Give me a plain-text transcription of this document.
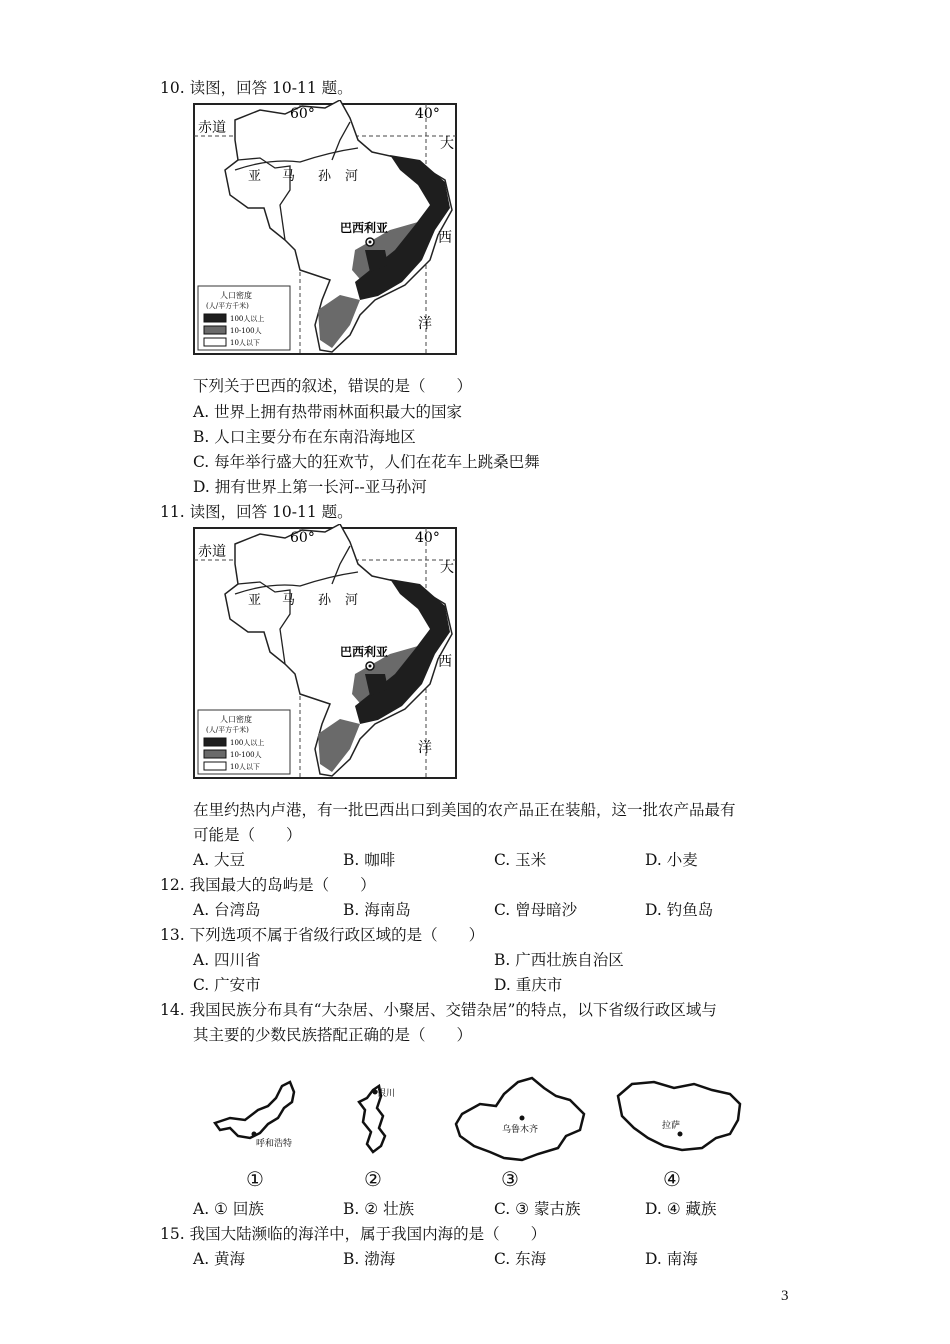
10. 读图，回答 10-11 题。
赤道
60°	40°
大
西
洋
亚 马 孙 河
巴西利亚
人口密度
(人/平方千米)
100人以上
10-100人
10人以下
下列关于巴西的叙述，错误的是（　　）
A. 世界上拥有热带雨林面积最大的国家
B. 人口主要分布在东南沿海地区
C. 每年举行盛大的狂欢节，人们在花车上跳桑巴舞
D. 拥有世界上第一长河--亚马孙河
11. 读图，回答 10-11 题。
赤道
60°	40°
大
西
洋
亚 马 孙 河
巴西利亚
人口密度
(人/平方千米)
100人以上
10-100人
10人以下
在里约热内卢港，有一批巴西出口到美国的农产品正在装船，这一批农产品最有
可能是（　　）
A. 大豆	B. 咖啡	C. 玉米	D. 小麦
12. 我国最大的岛屿是（　　）
A. 台湾岛	B. 海南岛	C. 曾母暗沙	D. 钓鱼岛
13. 下列选项不属于省级行政区域的是（　　）
A. 四川省	B. 广西壮族自治区
C. 广安市	D. 重庆市
14. 我国民族分布具有“大杂居、小聚居、交错杂居”的特点，以下省级行政区域与
其主要的少数民族搭配正确的是（　　）
呼和浩特
①
银川
②
乌鲁木齐
③
拉萨
④
A. ① 回族	B. ② 壮族	C. ③ 蒙古族	D. ④ 藏族
15. 我国大陆濒临的海洋中，属于我国内海的是（　　）
A. 黄海	B. 渤海	C. 东海	D. 南海
3
